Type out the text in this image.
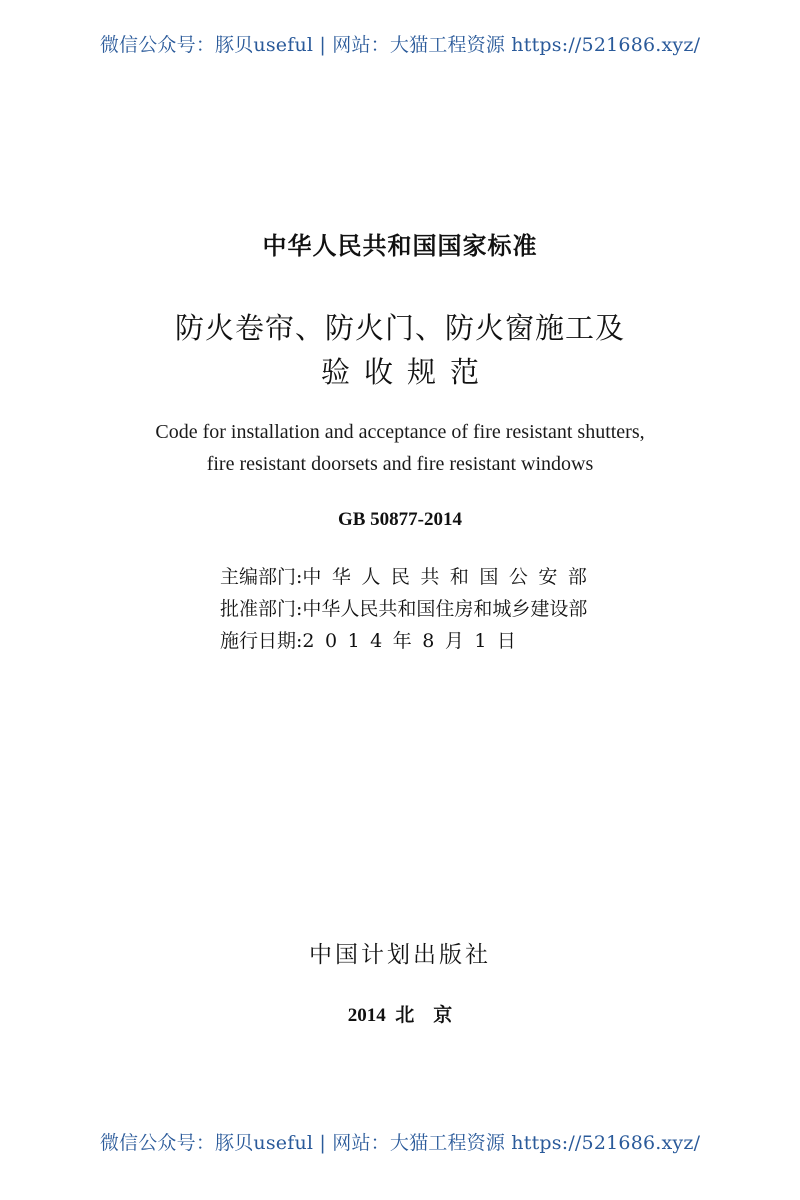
微信公众号：豚贝useful | 网站：大猫工程资源 https://521686.xyz/
中华人民共和国国家标准
防火卷帘、防火门、防火窗施工及
验收规范
Code for installation and acceptance of fire resistant shutters,
fire resistant doorsets and fire resistant windows
GB 50877-2014
主编部门:中华人民共和国公安部
批准部门:中华人民共和国住房和城乡建设部
施行日期:2014年8月1日
中国计划出版社
2014  北    京
微信公众号：豚贝useful | 网站：大猫工程资源 https://521686.xyz/
